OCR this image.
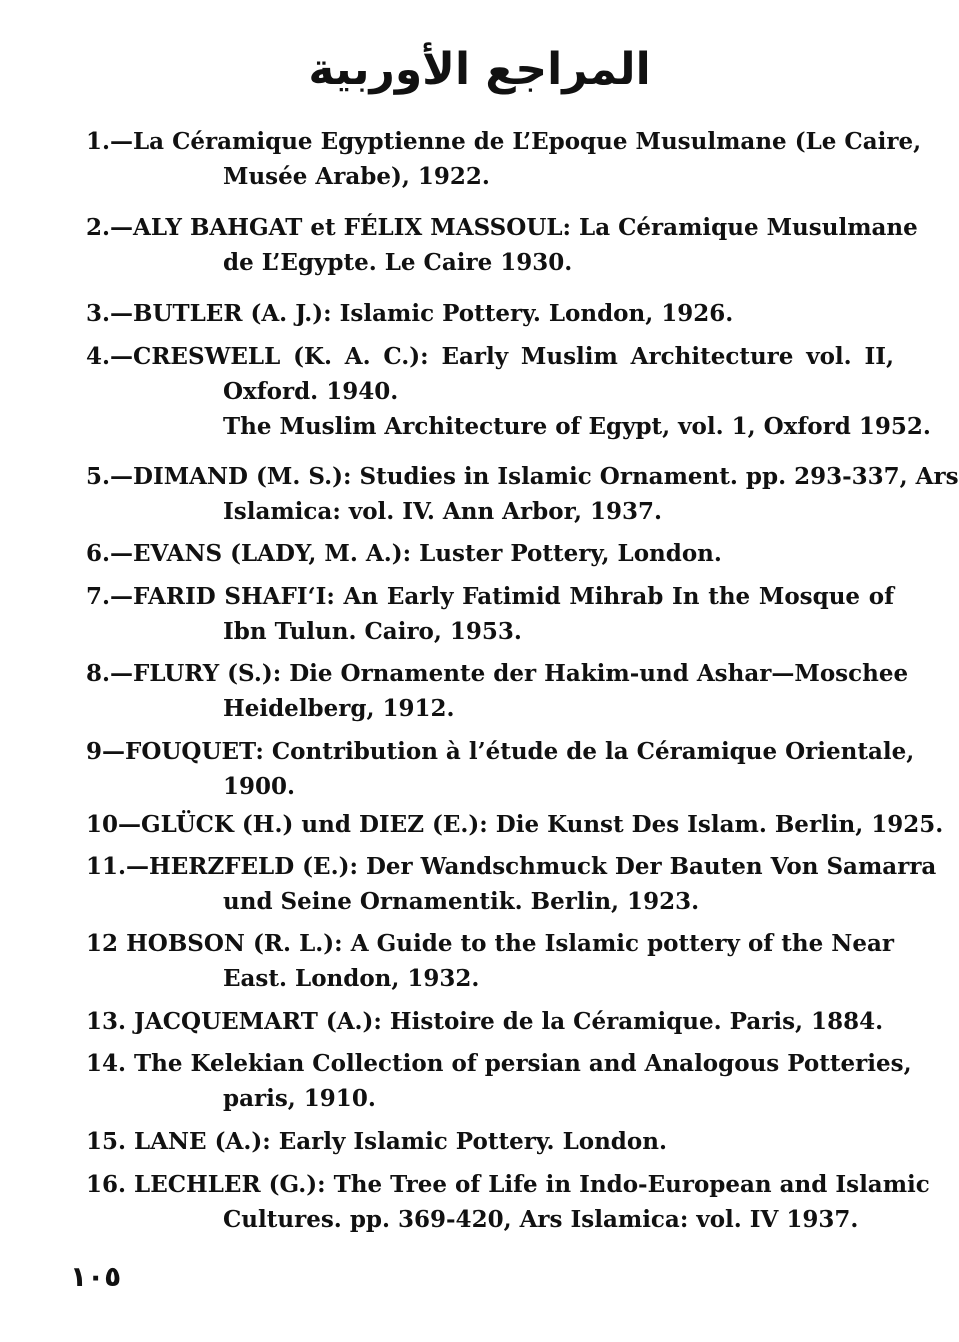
المراجع الأوربية
1.—La Céramique Egyptienne de L’Epoque Musulmane (Le Caire,
Musée Arabe), 1922.
2.—ALY BAHGAT et FÉLIX MASSOUL: La Céramique Musulmane
de L’Egypte. Le Caire 1930.
3.—BUTLER (A. J.): Islamic Pottery. London, 1926.
4.—CRESWELL (K. A. C.): Early Muslim Architecture vol. II,
Oxford. 1940.
The Muslim Architecture of Egypt, vol. 1, Oxford 1952.
5.—DIMAND (M. S.): Studies in Islamic Ornament. pp. 293-337, Ars
Islamica: vol. IV. Ann Arbor, 1937.
6.—EVANS (LADY, M. A.): Luster Pottery, London.
7.—FARID SHAFI‘I: An Early Fatimid Mihrab In the Mosque of
Ibn Tulun. Cairo, 1953.
8.—FLURY (S.): Die Ornamente der Hakim-und Ashar—Moschee
Heidelberg, 1912.
9—FOUQUET: Contribution à l’étude de la Céramique Orientale,
1900.
10—GLÜCK (H.) und DIEZ (E.): Die Kunst Des Islam. Berlin, 1925.
11.—HERZFELD (E.): Der Wandschmuck Der Bauten Von Samarra
und Seine Ornamentik. Berlin, 1923.
12 HOBSON (R. L.): A Guide to the Islamic pottery of the Near
East. London, 1932.
13. JACQUEMART (A.): Histoire de la Céramique. Paris, 1884.
14. The Kelekian Collection of persian and Analogous Potteries,
paris, 1910.
15. LANE (A.): Early Islamic Pottery. London.
16. LECHLER (G.): The Tree of Life in Indo-European and Islamic
Cultures. pp. 369-420, Ars Islamica: vol. IV 1937.
١٠٥
